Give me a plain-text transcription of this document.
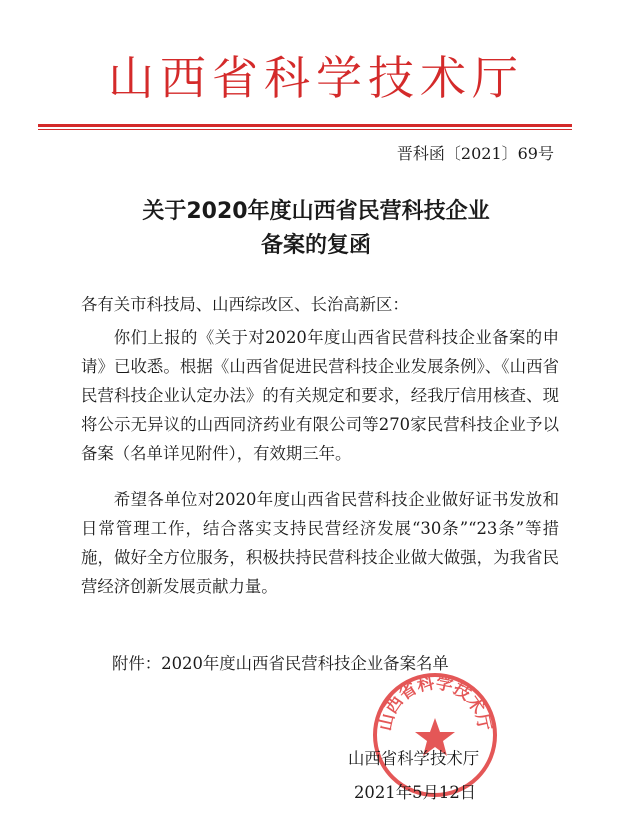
山西省科学技术厅
晋科函〔2021〕69号
关于2020年度山西省民营科技企业
备案的复函
各有关市科技局、山西综改区、长治高新区：
你们上报的《关于对2020年度山西省民营科技企业备案的申请》已收悉。根据《山西省促进民营科技企业发展条例》、《山西省民营科技企业认定办法》的有关规定和要求，经我厅信用核查、现将公示无异议的山西同济药业有限公司等270家民营科技企业予以备案（名单详见附件），有效期三年。
希望各单位对2020年度山西省民营科技企业做好证书发放和日常管理工作，结合落实支持民营经济发展“30条”“23条”等措施，做好全方位服务，积极扶持民营科技企业做大做强，为我省民营经济创新发展贡献力量。
附件：2020年度山西省民营科技企业备案名单
山西省科学技术厅
山西省科学技术厅
2021年5月12日
